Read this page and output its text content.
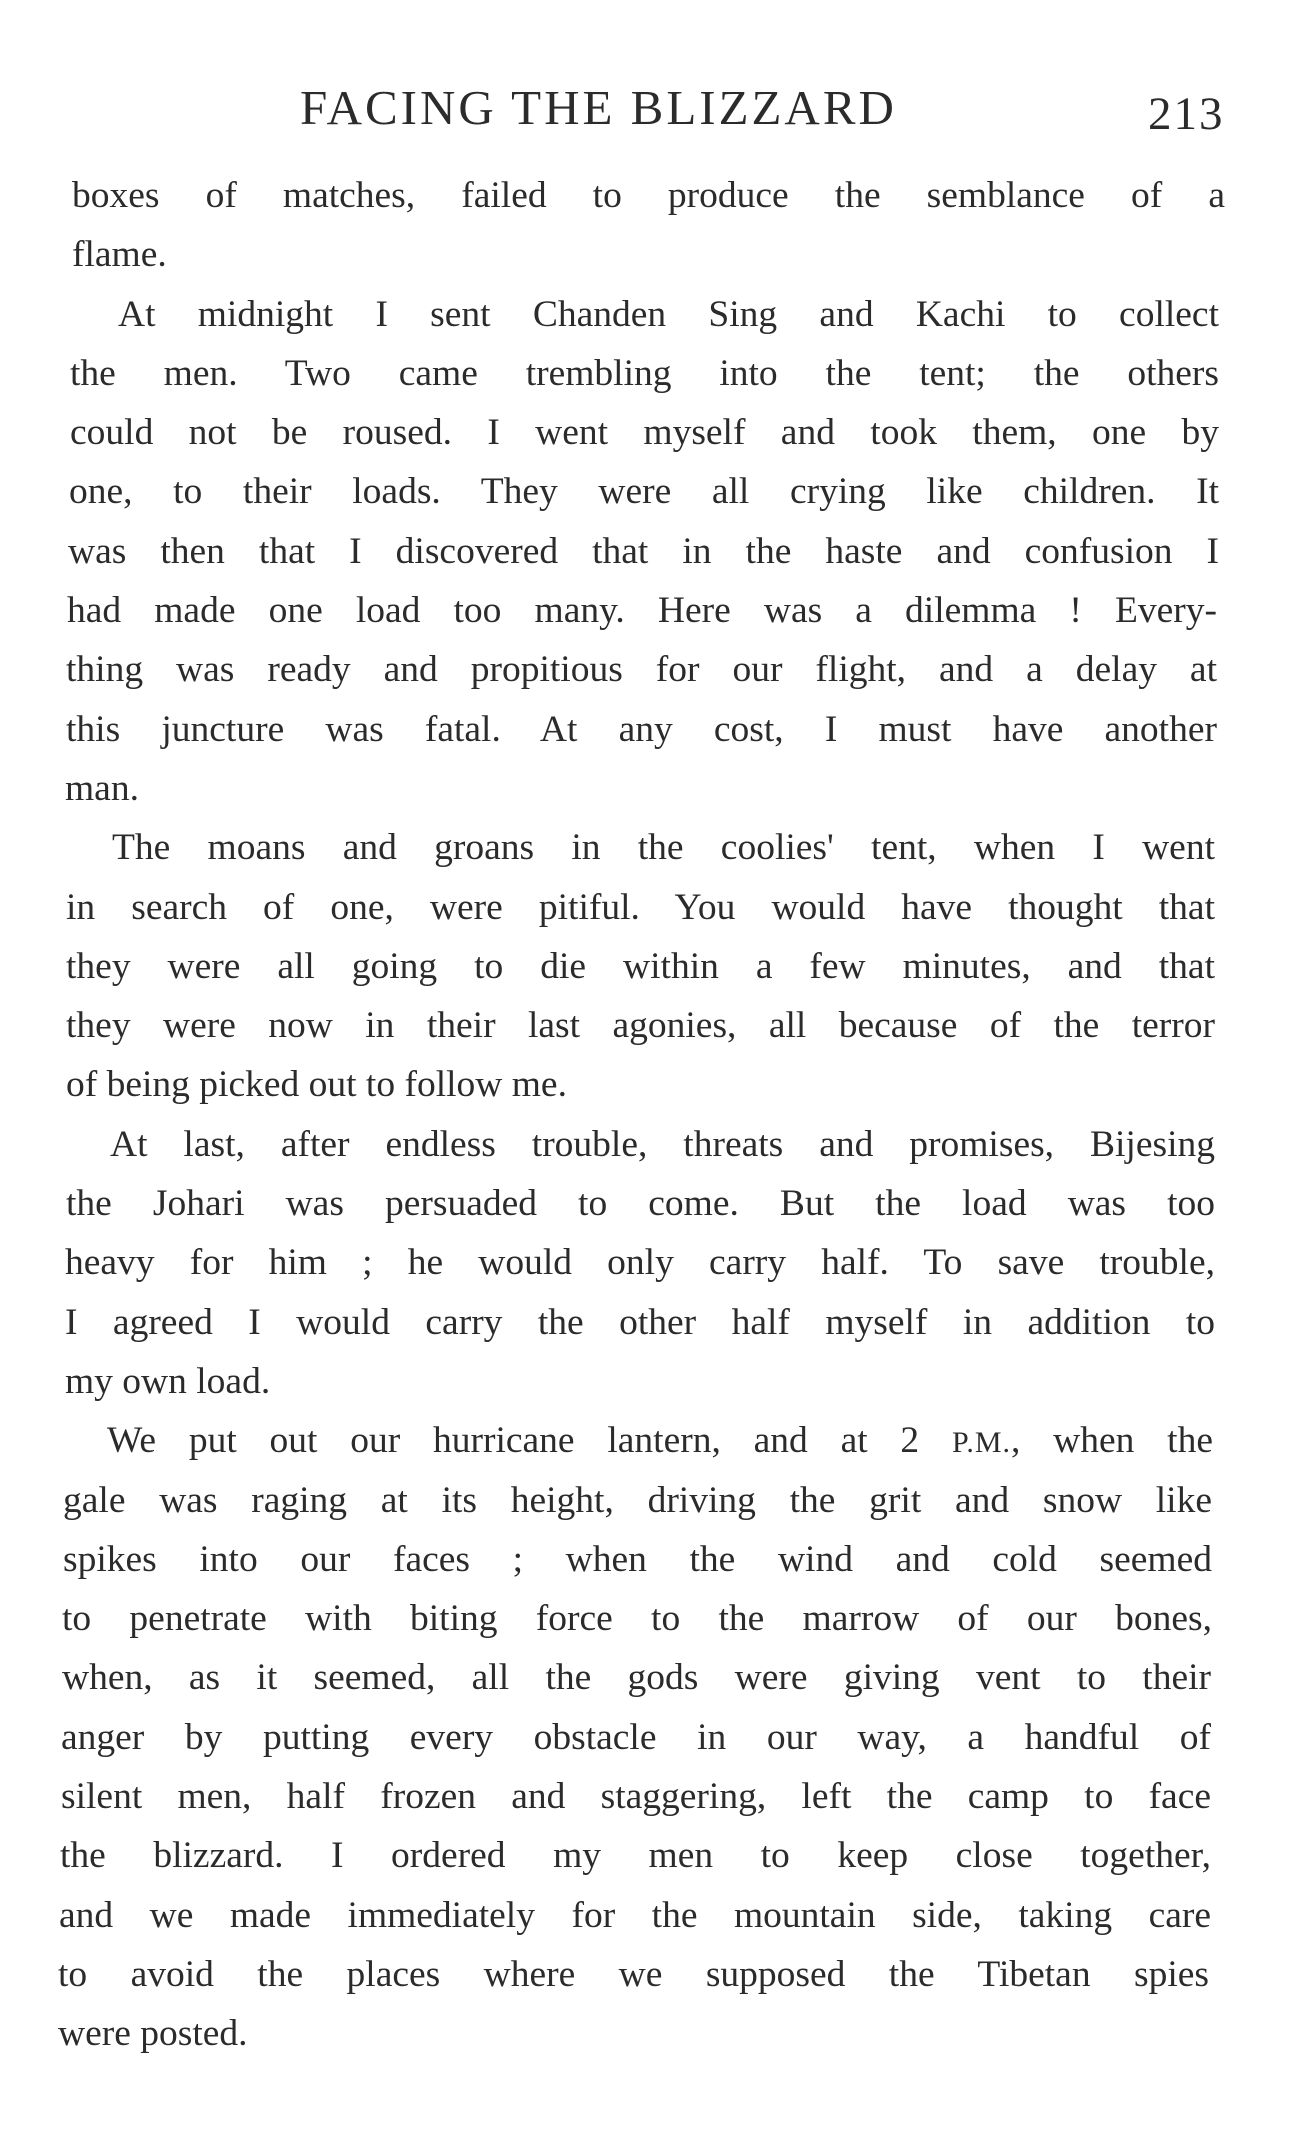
FACING THE BLIZZARD	213
boxes of matches, failed to produce the semblance of a
flame.
At midnight I sent Chanden Sing and Kachi to collect
the men. Two came trembling into the tent; the others
could not be roused. I went myself and took them, one by
one, to their loads. They were all crying like children. It
was then that I discovered that in the haste and confusion I
had made one load too many. Here was a dilemma ! Every-
thing was ready and propitious for our flight, and a delay at
this juncture was fatal. At any cost, I must have another
man.
The moans and groans in the coolies' tent, when I went
in search of one, were pitiful. You would have thought that
they were all going to die within a few minutes, and that
they were now in their last agonies, all because of the terror
of being picked out to follow me.
At last, after endless trouble, threats and promises, Bijesing
the Johari was persuaded to come. But the load was too
heavy for him ; he would only carry half. To save trouble,
I agreed I would carry the other half myself in addition to
my own load.
We put out our hurricane lantern, and at 2 P.M., when the
gale was raging at its height, driving the grit and snow like
spikes into our faces ; when the wind and cold seemed
to penetrate with biting force to the marrow of our bones,
when, as it seemed, all the gods were giving vent to their
anger by putting every obstacle in our way, a handful of
silent men, half frozen and staggering, left the camp to face
the blizzard. I ordered my men to keep close together,
and we made immediately for the mountain side, taking care
to avoid the places where we supposed the Tibetan spies
were posted.
